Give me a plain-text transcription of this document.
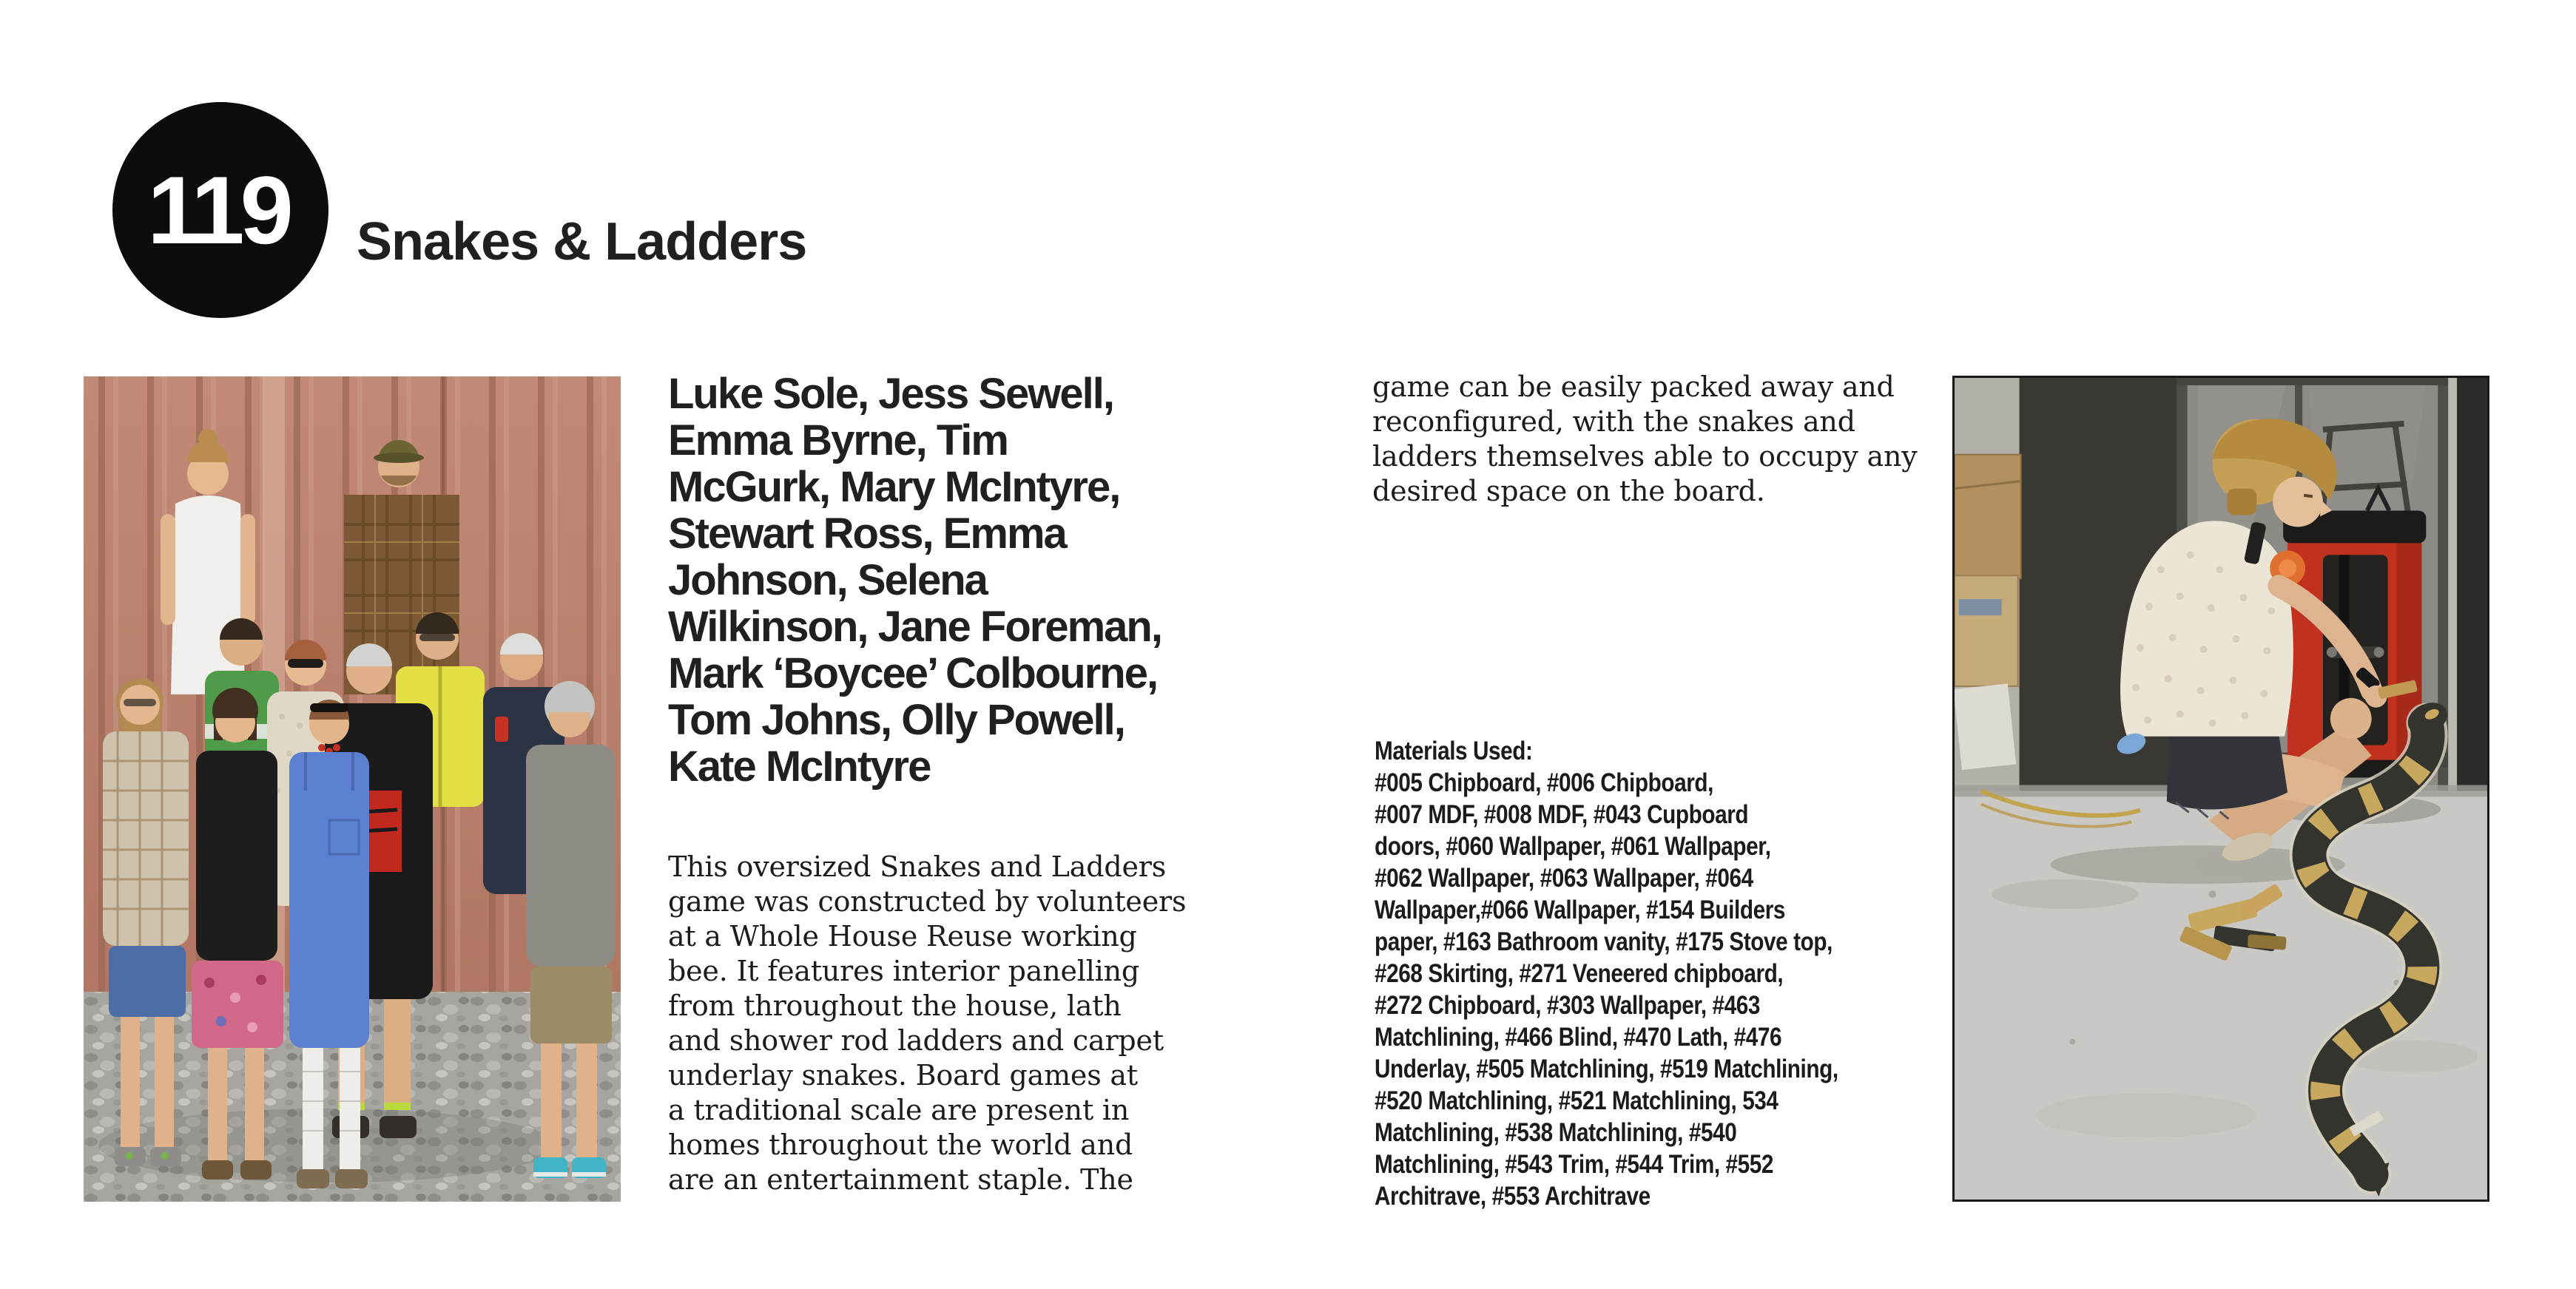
119 Snakes & Ladders
Luke Sole, Jess Sewell,
Emma Byrne, Tim
McGurk, Mary McIntyre,
Stewart Ross, Emma
Johnson, Selena
Wilkinson, Jane Foreman,
Mark ‘Boycee’ Colbourne,
Tom Johns, Olly Powell,
Kate McIntyre
This oversized Snakes and Ladders
game was constructed by volunteers
at a Whole House Reuse working
bee. It features interior panelling
from throughout the house, lath
and shower rod ladders and carpet
underlay snakes. Board games at
a traditional scale are present in
homes throughout the world and
are an entertainment staple. The
game can be easily packed away and
reconfigured, with the snakes and
ladders themselves able to occupy any
desired space on the board.
Materials Used:
#005 Chipboard, #006 Chipboard,
#007 MDF, #008 MDF, #043 Cupboard
doors, #060 Wallpaper, #061 Wallpaper,
#062 Wallpaper, #063 Wallpaper, #064
Wallpaper,#066 Wallpaper, #154 Builders
paper, #163 Bathroom vanity, #175 Stove top,
#268 Skirting, #271 Veneered chipboard,
#272 Chipboard, #303 Wallpaper, #463
Matchlining, #466 Blind, #470 Lath, #476
Underlay, #505 Matchlining, #519 Matchlining,
#520 Matchlining, #521 Matchlining, 534
Matchlining, #538 Matchlining, #540
Matchlining, #543 Trim, #544 Trim, #552
Architrave, #553 Architrave
